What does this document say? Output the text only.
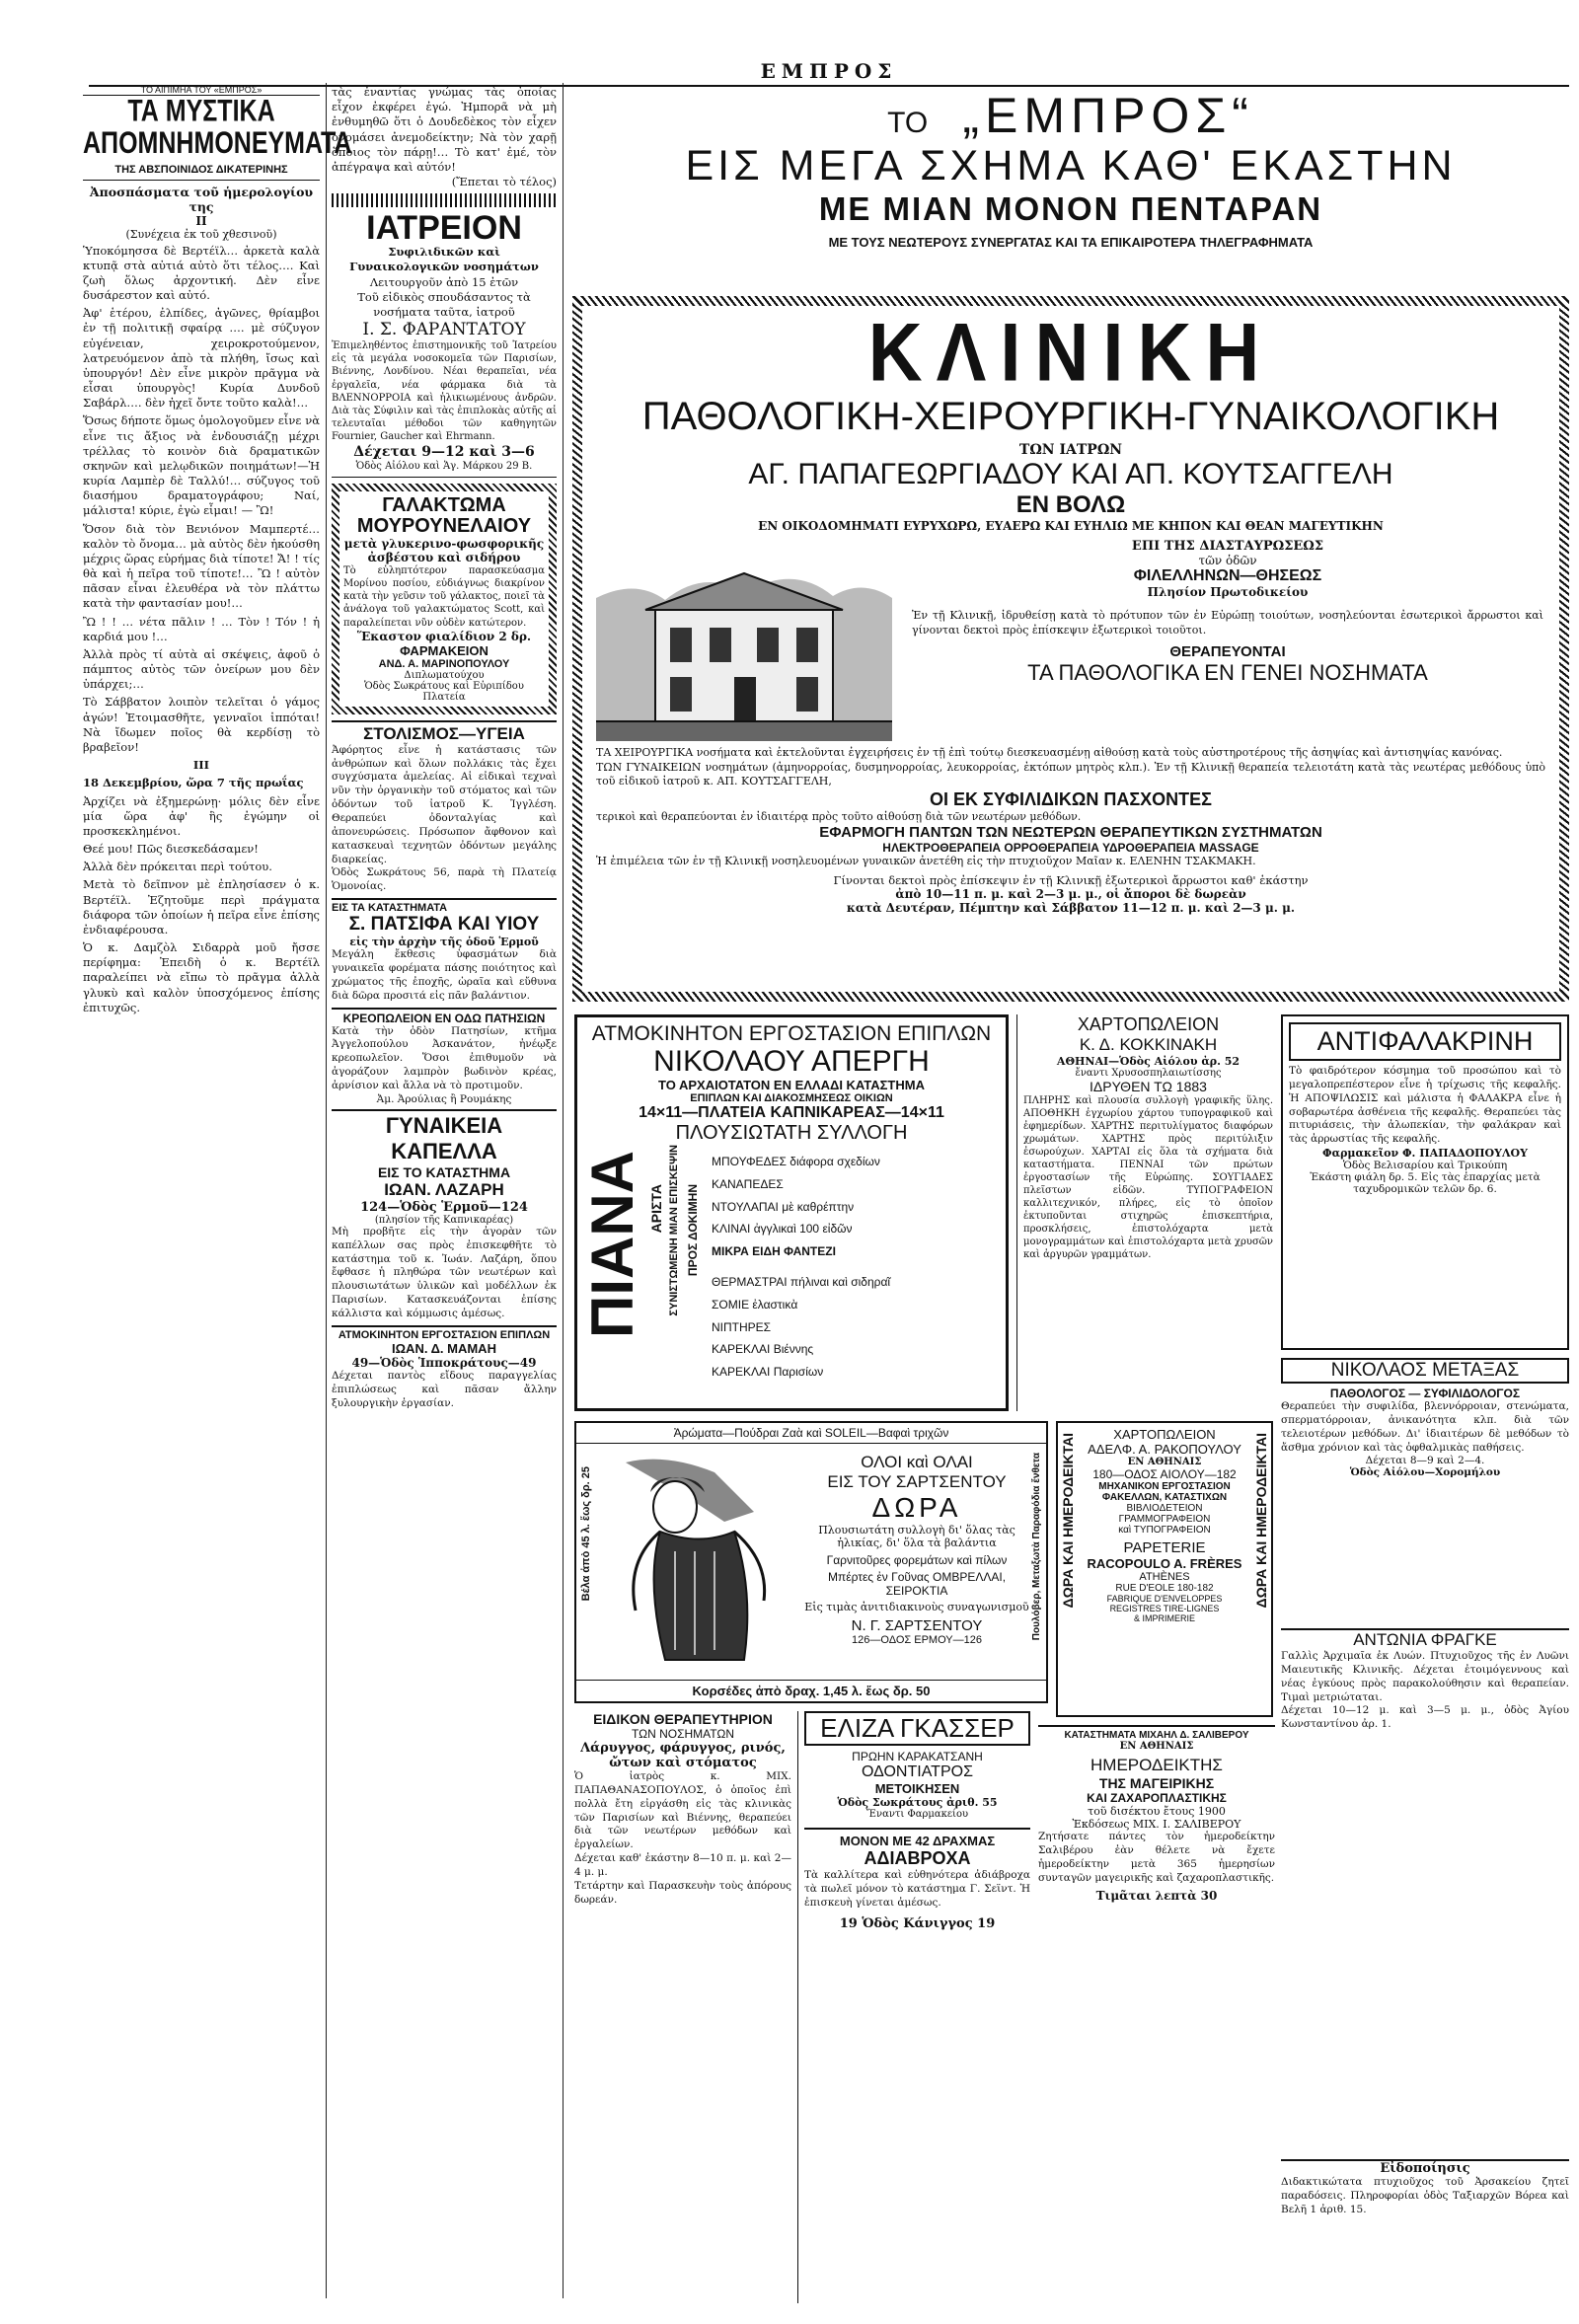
ΕΜΠΡΟΣ
ΤΟ ΑΙΠΙΜΗΑ ΤΟΥ «ΕΜΠΡΟΣ»
ΤΑ ΜΥΣΤΙΚΑ ΑΠΟΜΝΗΜΟΝΕΥΜΑΤΑ
ΤΗΣ ΑΒΣΠΟΙΝΙΔΟΣ ΔΙΚΑΤΕΡΙΝΗΣ
Ἀποσπάσματα τοῦ ἡμερολογίου της
ΙΙ
(Συνέχεια ἐκ τοῦ χθεσινοῦ)

Ὑποκόμησσα δὲ Βερτέϊλ… ἀρκετὰ καλὰ κτυπᾷ στὰ αὐτιά αὐτὸ ὅτι τέλος…. Καὶ ζωὴ ὅλως ἀρχοντική. Δὲν εἶνε δυσάρεστον καὶ αὐτό.

Ἀφ' ἑτέρου, ἐλπίδες, ἀγῶνες, θρίαμβοι ἐν τῇ πολιτικῇ σφαίρᾳ …. μὲ σύζυγον εὐγένειαν, χειροκροτούμενον, λατρευόμενον ἀπὸ τὰ πλήθη, ἴσως καὶ ὑπουργόν! Δὲν εἶνε μικρὸν πρᾶγμα νὰ εἶσαι ὑπουργὸς! Κυρία Δυνδοῦ Σαβάρλ…. δὲν ἠχεῖ ὄντε τοῦτο καλὰ!…

Ὅσως δήποτε ὅμως ὁμολογοῦμεν εἶνε νὰ εἶνε τις ἄξιος νὰ ἐνδουσιάζῃ μέχρι τρέλλας τὸ κοινὸν διὰ δραματικῶν σκηνῶν καὶ μελῳδικῶν ποιημάτων!—Ἡ κυρία Λαμπὲρ δὲ Ταλλύ!… σύζυγος τοῦ διασήμου δραματογράφου; Ναί, μάλιστα! κύριε, ἐγὼ εἶμαι! — Ὢ!

Ὅσον διὰ τὸν Βενιόνον Μαμπερτέ… καλὸν τὸ ὄνομα… μὰ αὐτὸς δὲν ἠκούσθη μέχρις ὥρας εὐρήμας διὰ τίποτε! Ἄ! ! τίς θὰ καὶ ἡ πεῖρα τοῦ τίποτε!… Ὢ ! αὐτὸν πᾶσαν εἶναι ἐλευθέρα νὰ τὸν πλάττω κατὰ τὴν φαντασίαν μου!…

Ὢ ! ! … νέτα πᾶλιν ! … Τὸν ! Τόν ! ἡ καρδιά μου !…

Ἀλλὰ πρὸς τί αὐτὰ αἱ σκέψεις, ἀφοῦ ὁ πάμπτος αὐτὸς τῶν ὀνείρων μου δὲν ὑπάρχει;…

Τὸ Σάββατον λοιπὸν τελεῖται ὁ γάμος ἀγών! Ἑτοιμασθῆτε, γενναῖοι ἰππόται! Νὰ ἴδωμεν ποῖος θὰ κερδίσῃ τὸ βραβεῖον!

ΙΙΙ

18 Δεκεμβρίου, ὥρα 7 τῆς πρωΐας

Ἀρχίζει νὰ ἐξημερώνῃ· μόλις δὲν εἶνε μία ὥρα ἀφ' ἣς ἐγώμην οἱ προσκεκλημένοι.

Θεέ μου! Πῶς διεσκεδάσαμεν!

Ἀλλὰ δὲν πρόκειται περὶ τούτου.

Μετὰ τὸ δεῖπνον μὲ ἐπλησίασεν ὁ κ. Βερτέϊλ. Ἐζητοῦμε περὶ πράγματα διάφορα τῶν ὁποίων ἡ πεῖρα εἶνε ἐπίσης ἐνδιαφέρουσα.

Ὁ κ. Δαμζὸλ Σιδαρρὰ μοῦ ἤσσε περίφημα: Ἐπειδὴ ὁ κ. Βερτέϊλ παραλείπει νὰ εἴπω τὸ πρᾶγμα ἀλλὰ γλυκὺ καὶ καλὸν ὑποσχόμενος ἐπίσης ἐπιτυχῶς.

τὰς ἐναντίας γνώμας τὰς ὁποίας εἶχον ἐκφέρει ἐγώ. Ἠμπορᾶ νὰ μὴ ἐνθυμηθῶ ὅτι ὁ Δουδεδὲκος τὸν εἶχεν ὀνομάσει ἀνεμοδείκτην; Νὰ τὸν χαρῇ ὅποιος τὸν πάρῃ!… Τὸ κατ' ἐμέ, τὸν ἀπέγραψα καὶ αὐτόν!
(Ἔπεται τὸ τέλος)
ΙΑΤΡΕΙΟΝ
Συφιλιδικῶν καὶ Γυναικολογικῶν νοσημάτων
Λειτουργοῦν ἀπὸ 15 ἐτῶν
Τοῦ εἰδικὸς σπουδάσαντος τὰ νοσήματα ταῦτα, ἰατροῦ
Ι. Σ. ΦΑΡΑΝΤΑΤΟΥ
Ἐπιμεληθέντος ἐπιστημονικῆς τοῦ Ἰατρείου εἰς τὰ μεγάλα νοσοκομεῖα τῶν Παρισίων, Βιέννης, Λονδίνου. Νέαι θεραπεῖαι, νέα ἐργαλεῖα, νέα φάρμακα διὰ τὰ ΒΛΕΝΝΟΡΡΟΙΑ καὶ ἡλικιωμένους ἀνδρῶν. Διὰ τὰς Σύφιλιν καὶ τὰς ἐπιπλοκὰς αὐτῆς αἱ τελευταῖαι μέθοδοι τῶν καθηγητῶν Fournier, Gaucher καὶ Ehrmann.
Δέχεται 9—12 καὶ 3—6
Ὁδὸς Αἰόλου καὶ Ἁγ. Μάρκου 29 Β.
ΓΑΛΑΚΤΩΜΑ
ΜΟΥΡΟΥΝΕΛΑΙΟΥ
μετὰ γλυκερινο-φωσφορικῆς ἀσβέστου καὶ σιδήρου
Τὸ εὐληπτότερον παρασκεύασμα Μορίνου ποσίου, εὐδιάγνως διακρίνον κατὰ τὴν γεῦσιν τοῦ γάλακτος, ποιεῖ τὰ ἀνάλογα τοῦ γαλακτώματος Scott, καὶ παραλείπεται νῦν οὐδὲν κατώτερον.
Ἕκαστον φιαλίδιον 2 δρ.
ΦΑΡΜΑΚΕΙΟΝ
ΑΝΔ. Α. ΜΑΡΙΝΟΠΟΥΛΟΥ
Διπλωματούχου
Ὁδὸς Σωκράτους καὶ Εὐριπίδου Πλατεία
ΣΤΟΛΙΣΜΟΣ—ΥΓΕΙΑ
Ἀφόρητος εἶνε ἡ κατάστασις τῶν ἀνθρώπων καὶ ὅλων πολλάκις τὰς ἔχει συγχύσματα ἀμελείας. Αἱ εἰδικαὶ τεχναὶ νῦν τὴν ὀργανικὴν τοῦ στόματος καὶ τῶν ὀδόντων τοῦ ἰατροῦ Κ. Ἰγγλέση. Θεραπεύει ὀδονταλγίας καὶ ἀπονευρώσεις. Πρόσωπον ἄφθονον καὶ κατασκευαὶ τεχνητῶν ὀδόντων μεγάλης διαρκείας.
Ὁδὸς Σωκράτους 56, παρὰ τὴ Πλατείᾳ Ὁμονοίας.
ΕΙΣ ΤΑ ΚΑΤΑΣΤΗΜΑΤΑ
Σ. ΠΑΤΣΙΦΑ ΚΑΙ ΥΙΟΥ
εἰς τὴν ἀρχὴν τῆς ὁδοῦ Ἑρμοῦ
Μεγάλη ἔκθεσις ὑφασμάτων διὰ γυναικεῖα φορέματα πάσης ποιότητος καὶ χρώματος τῆς ἐποχῆς, ὡραῖα καὶ εὔθυνα διὰ δῶρα προσιτά εἰς πᾶν βαλάντιον.
ΚΡΕΟΠΩΛΕΙΟΝ ΕΝ ΟΔΩ ΠΑΤΗΣΙΩΝ
Κατὰ τὴν ὁδὸν Πατησίων, κτῆμα Ἀγγελοπούλου Ἀσκανάτον, ἠνέῳξε κρεοπωλεῖον. Ὅσοι ἐπιθυμοῦν νὰ ἀγοράζουν λαμπρὸν βωδινὸν κρέας, ἀρνίσιον καὶ ἄλλα νὰ τὸ προτιμοῦν.
Ἀμ. Ἀρούλιας ἢ Ρουμάκης
ΓΥΝΑΙΚΕΙΑ ΚΑΠΕΛΛΑ
ΕΙΣ ΤΟ ΚΑΤΑΣΤΗΜΑ
ΙΩΑΝ. ΛΑΖΑΡΗ
124—Ὁδὸς Ἑρμοῦ—124
(πλησίον τῆς Καπνικαρέας)
Μὴ προβῆτε εἰς τὴν ἀγορὰν τῶν καπέλλων σας πρὸς ἐπισκεφθῆτε τὸ κατάστημα τοῦ κ. Ἰωάν. Λαζάρη, ὅπου ἔφθασε ἡ πληθώρα τῶν νεωτέρων καὶ πλουσιωτάτων ὑλικῶν καὶ μοδέλλων ἐκ Παρισίων. Κατασκευάζονται ἐπίσης κάλλιστα καὶ κόμμωσις ἀμέσως.
ΑΤΜΟΚΙΝΗΤΟΝ ΕΡΓΟΣΤΑΣΙΟΝ ΕΠΙΠΛΩΝ
ΙΩΑΝ. Δ. ΜΑΜΑΗ
49—Ὁδὸς Ἱπποκράτους—49
Δέχεται παντὸς εἴδους παραγγελίας ἐπιπλώσεως καὶ πᾶσαν ἄλλην ξυλουργικὴν ἐργασίαν.
ΤΟ „ΕΜΠΡΟΣ“
ΕΙΣ ΜΕΓΑ ΣΧΗΜΑ ΚΑΘ' ΕΚΑΣΤΗΝ
ΜΕ ΜΙΑΝ ΜΟΝΟΝ ΠΕΝΤΑΡΑΝ
ΜΕ ΤΟΥΣ ΝΕΩΤΕΡΟΥΣ ΣΥΝΕΡΓΑΤΑΣ ΚΑΙ ΤΑ ΕΠΙΚΑΙΡΟΤΕΡΑ ΤΗΛΕΓΡΑΦΗΜΑΤΑ
ΚΛΙΝΙΚΗ
ΠΑΘΟΛΟΓΙΚΗ-ΧΕΙΡΟΥΡΓΙΚΗ-ΓΥΝΑΙΚΟΛΟΓΙΚΗ
ΤΩΝ ΙΑΤΡΩΝ
ΑΓ. ΠΑΠΑΓΕΩΡΓΙΑΔΟΥ ΚΑΙ ΑΠ. ΚΟΥΤΣΑΓΓΕΛΗ
ΕΝ ΒΟΛΩ
ΕΝ ΟΙΚΟΔΟΜΗΜΑΤΙ ΕΥΡΥΧΩΡΩ, ΕΥΑΕΡΩ ΚΑΙ ΕΥΗΛΙΩ ΜΕ ΚΗΠΟΝ ΚΑΙ ΘΕΑΝ ΜΑΓΕΥΤΙΚΗΝ
ΕΠΙ ΤΗΣ ΔΙΑΣΤΑΥΡΩΣΕΩΣ
τῶν ὁδῶν
ΦΙΛΕΛΛΗΝΩΝ—ΘΗΣΕΩΣ
Πλησίον Πρωτοδικείου
Ἐν τῇ Κλινικῇ, ἱδρυθείσῃ κατὰ τὸ πρότυπον τῶν ἐν Εὐρώπῃ τοιούτων, νοσηλεύονται ἐσωτερικοὶ ἄρρωστοι καὶ γίνονται δεκτοὶ πρὸς ἐπίσκεψιν ἐξωτερικοὶ τοιοῦτοι.
ΘΕΡΑΠΕΥΟΝΤΑΙ
ΤΑ ΠΑΘΟΛΟΓΙΚΑ ΕΝ ΓΕΝΕΙ ΝΟΣΗΜΑΤΑ
ΤΑ ΧΕΙΡΟΥΡΓΙΚΑ νοσήματα καὶ ἐκτελοῦνται ἐγχειρήσεις ἐν τῇ ἐπὶ τούτῳ διεσκευασμένῃ αἰθούσῃ κατὰ τοὺς αὐστηροτέρους τῆς ἀσηψίας καὶ ἀντισηψίας κανόνας.
ΤΩΝ ΓΥΝΑΙΚΕΙΩΝ νοσημάτων (ἀμηνορροίας, δυσμηνορροίας, λευκορροίας, ἐκτόπων μητρὸς κλπ.). Ἐν τῇ Κλινικῇ θεραπεία τελειοτάτη κατὰ τὰς νεωτέρας μεθόδους ὑπὸ τοῦ εἰδικοῦ ἰατροῦ κ. ΑΠ. ΚΟΥΤΣΑΓΓΕΛΗ,
ΟΙ ΕΚ ΣΥΦΙΛΙΔΙΚΩΝ ΠΑΣΧΟΝΤΕΣ
τερικοὶ καὶ θεραπεύονται ἐν ἰδιαιτέρᾳ πρὸς τοῦτο αἰθούσῃ διὰ τῶν νεωτέρων μεθόδων.
ΕΦΑΡΜΟΓΗ ΠΑΝΤΩΝ ΤΩΝ ΝΕΩΤΕΡΩΝ ΘΕΡΑΠΕΥΤΙΚΩΝ ΣΥΣΤΗΜΑΤΩΝ
ΗΛΕΚΤΡΟΘΕΡΑΠΕΙΑ ΟΡΡΟΘΕΡΑΠΕΙΑ ΥΔΡΟΘΕΡΑΠΕΙΑ MASSAGE
Ἡ ἐπιμέλεια τῶν ἐν τῇ Κλινικῇ νοσηλευομένων γυναικῶν ἀνετέθη εἰς τὴν πτυχιοῦχον Μαῖαν κ. ΕΛΕΝΗΝ ΤΣΑΚΜΑΚΗ.
Γίνονται δεκτοὶ πρὸς ἐπίσκεψιν ἐν τῇ Κλινικῇ ἐξωτερικοὶ ἄρρωστοι καθ' ἑκάστην
ἀπὸ 10—11 π. μ. καὶ 2—3 μ. μ., οἱ ἄποροι δὲ δωρεὰν
κατὰ Δευτέραν, Πέμπτην καὶ Σάββατον 11—12 π. μ. καὶ 2—3 μ. μ.
ΑΤΜΟΚΙΝΗΤΟΝ ΕΡΓΟΣΤΑΣΙΟΝ ΕΠΙΠΛΩΝ
ΝΙΚΟΛΑΟΥ ΑΠΕΡΓΗ
ΤΟ ΑΡΧΑΙΟΤΑΤΟΝ ΕΝ ΕΛΛΑΔΙ ΚΑΤΑΣΤΗΜΑ
ΕΠΙΠΛΩΝ ΚΑΙ ΔΙΑΚΟΣΜΗΣΕΩΣ ΟΙΚΙΩΝ
14×11—ΠΛΑΤΕΙΑ ΚΑΠΝΙΚΑΡΕΑΣ—14×11
ΠΛΟΥΣΙΩΤΑΤΗ ΣΥΛΛΟΓΗ
ΠΙΑΝΑ ΑΡΙΣΤΑ ΣΥΝΙΣΤΩΜΕΝΗ ΜΙΑΝ ΕΠΙΣΚΕΨΙΝ ΠΡΟΣ ΔΟΚΙΜΗΝ
ΜΠΟΥΦΕΔΕΣ διάφορα σχεδίων
ΚΑΝΑΠΕΔΕΣ
ΝΤΟΥΛΑΠΑΙ μὲ καθρέπτην
ΚΛΙΝΑΙ ἀγγλικαὶ 100 εἰδῶν
ΜΙΚΡΑ ΕΙΔΗ ΦΑΝΤΕΖΙ
ΘΕΡΜΑΣΤΡΑΙ πήλιναι καὶ σιδηραῖ
ΣΟΜΙΕ ἐλαστικὰ
ΝΙΠΤΗΡΕΣ
ΚΑΡΕΚΛΑΙ Βιέννης
ΚΑΡΕΚΛΑΙ Παρισίων
ΧΑΡΤΟΠΩΛΕΙΟΝ
Κ. Δ. ΚΟΚΚΙΝΑΚΗ
ΑΘΗΝΑΙ—Ὁδὸς Αἰόλου ἀρ. 52
ἔναντι Χρυσοσπηλαιωτίσσης
ΙΔΡΥΘΕΝ ΤΩ 1883
ΠΛΗΡΗΣ καὶ πλουσία συλλογὴ γραφικῆς ὕλης. ΑΠΟΘΗΚΗ ἐγχωρίου χάρτου τυπογραφικοῦ καὶ ἐφημερίδων. ΧΑΡΤΗΣ περιτυλίγματος διαφόρων χρωμάτων. ΧΑΡΤΗΣ πρὸς περιτύλιξιν ἐσωρούχων. ΧΑΡΤΑΙ εἰς ὅλα τὰ σχήματα διὰ καταστήματα. ΠΕΝΝΑΙ τῶν πρώτων ἐργοστασίων τῆς Εὐρώπης. ΣΟΥΓΙΑΔΕΣ πλεῖστων εἰδῶν. ΤΥΠΟΓΡΑΦΕΙΟΝ καλλιτεχνικόν, πλήρες, εἰς τὸ ὁποῖον ἐκτυποῦνται στιχηρῶς ἐπισκεπτήρια, προσκλήσεις, ἐπιστολόχαρτα μετὰ μονογραμμάτων καὶ ἐπιστολόχαρτα μετὰ χρυσῶν καὶ ἀργυρῶν γραμμάτων.
ΑΝΤΙΦΑΛΑΚΡΙΝΗ
Τὸ φαιδρότερον κόσμημα τοῦ προσώπου καὶ τὸ μεγαλοπρεπέστερον εἶνε ἡ τρίχωσις τῆς κεφαλῆς. Ἡ ΑΠΟΨΙΛΩΣΙΣ καὶ μάλιστα ἡ ΦΑΛΑΚΡΑ εἶνε ἡ σοβαρωτέρα ἀσθένεια τῆς κεφαλῆς. Θεραπεύει τὰς πιτυριάσεις, τὴν ἀλωπεκίαν, τὴν φαλάκραν καὶ τὰς ἀρρωστίας τῆς κεφαλῆς.
Φαρμακεῖον Φ. ΠΑΠΑΔΟΠΟΥΛΟΥ
Ὁδὸς Βελισαρίου καὶ Τρικούπη
Ἑκάστη φιάλη δρ. 5. Εἰς τὰς ἐπαρχίας μετὰ ταχυδρομικῶν τελῶν δρ. 6.
Ἀρώματα—Πούδραι Ζαὰ καὶ SOLEIL—Βαφαὶ τριχῶν
Βέλα ἀπὸ 45 λ. ἕως δρ. 25	Πουλόβερ, Μεταξωτὰ Παραφόδια ἔνθετα
ΟΛΟΙ καὶ ΟΛΑΙ
ΕΙΣ ΤΟΥ ΣΑΡΤΣΕΝΤΟΥ
ΔΩΡΑ
Πλουσιωτάτη συλλογὴ δι' ὅλας τὰς ἡλικίας, δι' ὅλα τὰ βαλάντια
Γαρνιτοῦρες φορεμάτων καὶ πίλων
Μπέρτες ἐν Γοῦνας ΟΜΒΡΕΛΛΑΙ, ΣΕΙΡΟΚΤΙΑ
Εἰς τιμὰς ἀνιτιδιακινοὺς συναγωνισμοῦ
Ν. Γ. ΣΑΡΤΣΕΝΤΟΥ
126—ΟΔΟΣ ΕΡΜΟΥ—126
Κορσέδες ἀπὸ δραχ. 1,45 λ. ἕως δρ. 50
ΔΩΡΑ ΚΑΙ ΗΜΕΡΟΔΕΙΚΤΑΙ	ΔΩΡΑ ΚΑΙ ΗΜΕΡΟΔΕΙΚΤΑΙ
ΧΑΡΤΟΠΩΛΕΙΟΝ
ΑΔΕΛΦ. Α. ΡΑΚΟΠΟΥΛΟΥ
ΕΝ ΑΘΗΝΑΙΣ
180—ΟΔΟΣ ΑΙΟΛΟΥ—182
ΜΗΧΑΝΙΚΟΝ ΕΡΓΟΣΤΑΣΙΟΝ
ΦΑΚΕΛΛΩΝ, ΚΑΤΑΣΤΙΧΩΝ
ΒΙΒΛΙΟΔΕΤΕΙΟΝ
ΓΡΑΜΜΟΓΡΑΦΕΙΟΝ
καὶ ΤΥΠΟΓΡΑΦΕΙΟΝ
PAPETERIE
RACOPOULO A. FRÈRES
ATHÈNES
RUE D'EOLE 180-182
FABRIQUE D'ENVELOPPES
REGISTRES TIRE-LIGNES
& IMPRIMERIE
ΝΙΚΟΛΑΟΣ ΜΕΤΑΞΑΣ
ΠΑΘΟΛΟΓΟΣ — ΣΥΦΙΛΙΔΟΛΟΓΟΣ
Θεραπεύει τὴν συφιλίδα, βλεννόρροιαν, στενώματα, σπερματόρροιαν, ἀνικανότητα κλπ. διὰ τῶν τελειοτέρων μεθόδων. Δι' ἰδιαιτέρων δὲ μεθόδων τὸ ἄσθμα χρόνιον καὶ τὰς ὀφθαλμικὰς παθήσεις.
Δέχεται 8—9 καὶ 2—4.
Ὁδὸς Αἰόλου—Χορομήλου
ΑΝΤΩΝΙΑ ΦΡΑΓΚΕ
Γαλλὶς Ἀρχιμαῖα ἐκ Λυών. Πτυχιοῦχος τῆς ἐν Λυῶνι Μαιευτικῆς Κλινικῆς. Δέχεται ἐτοιμόγεννους καὶ νέας ἐγκύους πρὸς παρακολούθησιν καὶ θεραπείαν. Τιμαὶ μετριώταται.
Δέχεται 10—12 μ. καὶ 3—5 μ. μ., ὁδὸς Ἀγίου Κωνσταντίνου ἀρ. 1.
ΕΙΔΙΚΟΝ ΘΕΡΑΠΕΥΤΗΡΙΟΝ
ΤΩΝ ΝΟΣΗΜΑΤΩΝ
Λάρυγγος, φάρυγγος, ρινός, ὤτων καὶ στόματος
Ὁ ἰατρὸς κ. ΜΙΧ. ΠΑΠΑΘΑΝΑΣΟΠΟΥΛΟΣ, ὁ ὁποῖος ἐπὶ πολλὰ ἔτη εἰργάσθη εἰς τὰς κλινικὰς τῶν Παρισίων καὶ Βιέννης, θεραπεύει διὰ τῶν νεωτέρων μεθόδων καὶ ἐργαλείων.
Δέχεται καθ' ἑκάστην 8—10 π. μ. καὶ 2—4 μ. μ.
Τετάρτην καὶ Παρασκευὴν τοὺς ἀπόρους δωρεάν.
ΕΛΙΖΑ ΓΚΑΣΣΕΡ
ΠΡΩΗΝ ΚΑΡΑΚΑΤΣΑΝΗ
ΟΔΟΝΤΙΑΤΡΟΣ
ΜΕΤΟΙΚΗΣΕΝ
Ὁδὸς Σωκράτους ἀριθ. 55
Ἔναντι Φαρμακείου
ΜΟΝΟΝ ΜΕ 42 ΔΡΑΧΜΑΣ
ΑΔΙΑΒΡΟΧΑ
Τὰ καλλίτερα καὶ εὐθηνότερα ἀδιάβροχα τὰ πωλεῖ μόνον τὸ κατάστημα Γ. Σεϊντ. Ἡ ἐπισκευὴ γίνεται ἀμέσως.
19 Ὁδὸς Κάνιγγος 19
ΚΑΤΑΣΤΗΜΑΤΑ ΜΙΧΑΗΛ Δ. ΣΑΛΙΒΕΡΟΥ
ΕΝ ΑΘΗΝΑΙΣ
ΗΜΕΡΟΔΕΙΚΤΗΣ
ΤΗΣ ΜΑΓΕΙΡΙΚΗΣ
ΚΑΙ ΖΑΧΑΡΟΠΛΑΣΤΙΚΗΣ
τοῦ δισέκτου ἔτους 1900
Ἐκδόσεως ΜΙΧ. Ι. ΣΑΛΙΒΕΡΟΥ
Ζητήσατε πάντες τὸν ἡμεροδείκτην Σαλιβέρου ἐὰν θέλετε νὰ ἔχετε ἡμεροδείκτην μετὰ 365 ἡμερησίων συνταγῶν μαγειρικῆς καὶ ζαχαροπλαστικῆς.
Τιμᾶται λεπτὰ 30
Εἰδοποίησις
Διδακτικώτατα πτυχιοῦχος τοῦ Ἀρσακείου ζητεῖ παραδόσεις. Πληροφορίαι ὁδὸς Ταξιαρχῶν Βόρεα καὶ Βελῆ 1 ἀριθ. 15.
